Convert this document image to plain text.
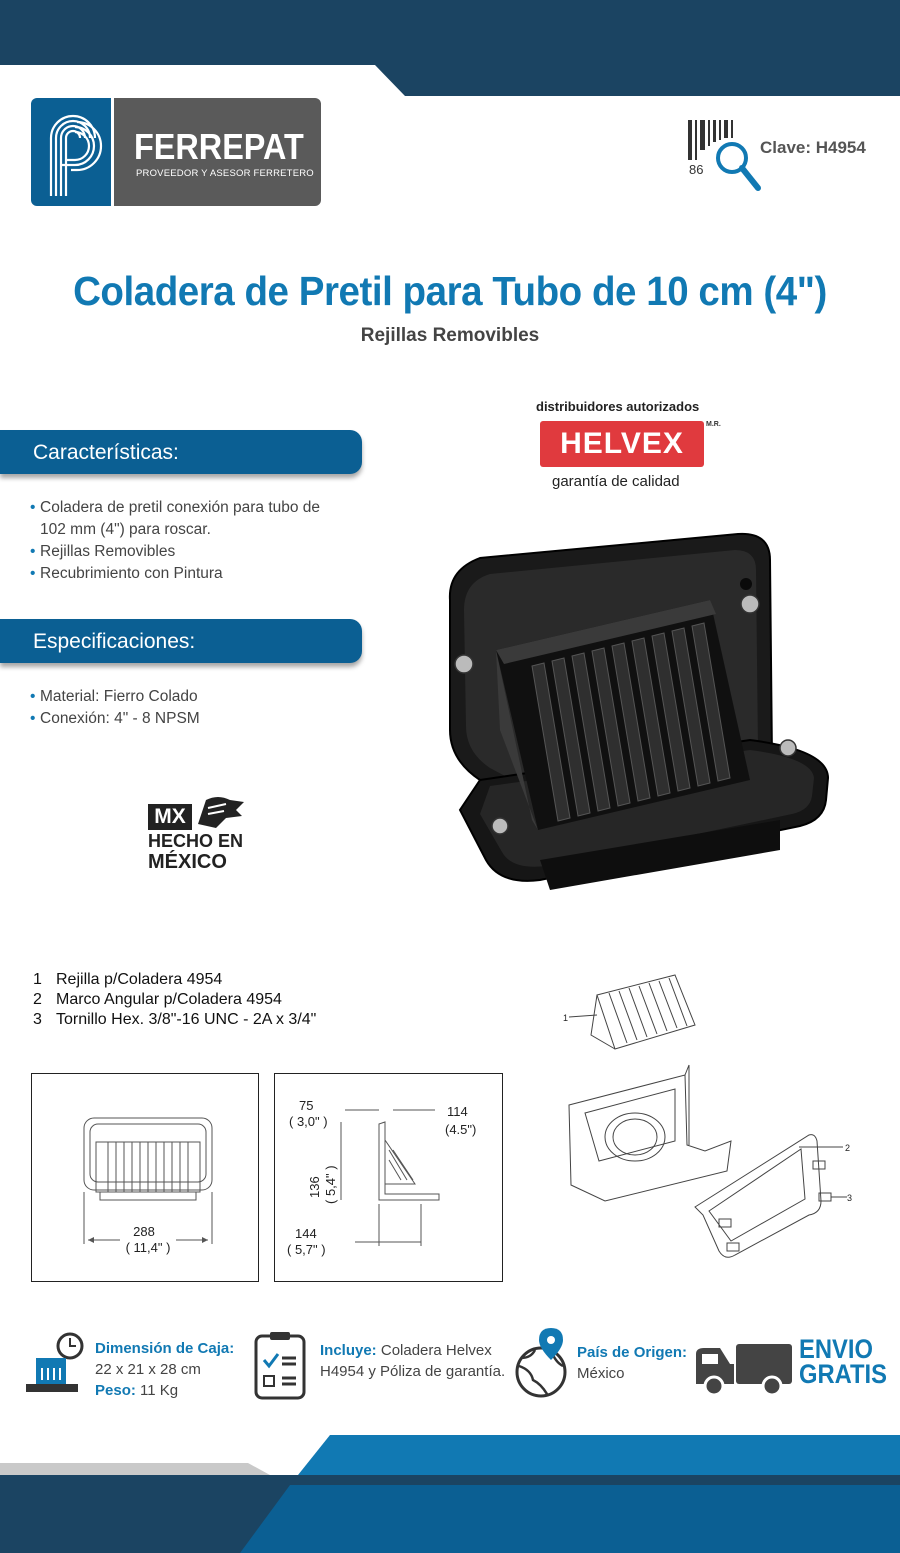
FERREPAT
PROVEEDOR Y ASESOR FERRETERO	86
Clave: H4954
Coladera de Pretil para Tubo de 10 cm (4")
Rejillas Removibles
Características:
• Coladera de pretil conexión para tubo de 102 mm (4") para roscar.
• Rejillas Removibles
• Recubrimiento con Pintura
Especificaciones:
• Material: Fierro Colado
• Conexión: 4" - 8 NPSM
distribuidores autorizados
HELVEX
M.R.
garantía de calidad
MX
HECHO EN
MÉXICO
1 Rejilla p/Coladera 4954
2 Marco Angular p/Coladera 4954
3 Tornillo Hex. 3/8"-16 UNC - 2A x 3/4"
288
( 11,4" )
75
( 3,0" )
114
(4.5")
136 ( 5,4" )
144
( 5,7" )
1
2
3
Dimensión de Caja:
22 x 21 x 28 cm
Peso: 11 Kg
Incluye: Coladera Helvex H4954 y Póliza de garantía.
País de Origen:
México
ENVIO
GRATIS
